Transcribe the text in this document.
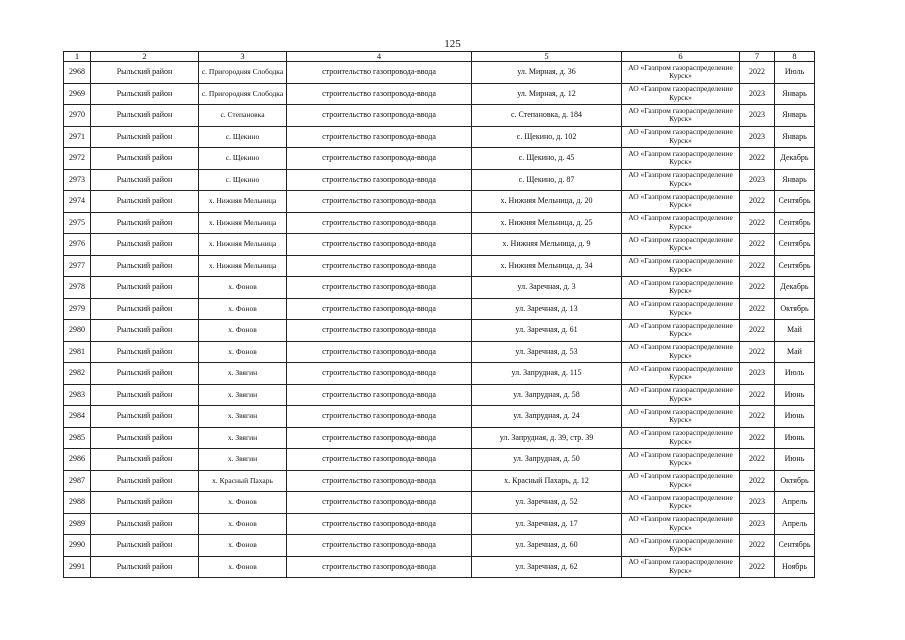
125
1	2	3	4	5	6	7	8
2968	Рыльский район	с. Пригородняя Слободка	строительство газопровода-ввода	ул. Мирная, д. 36	АО «Газпром газораспределение Курск»	2022	Июль
2969	Рыльский район	с. Пригородняя Слободка	строительство газопровода-ввода	ул. Мирная, д. 12	АО «Газпром газораспределение Курск»	2023	Январь
2970	Рыльский район	с. Степановка	строительство газопровода-ввода	с. Степановка, д. 184	АО «Газпром газораспределение Курск»	2023	Январь
2971	Рыльский район	с. Щекино	строительство газопровода-ввода	с. Щекино, д. 102	АО «Газпром газораспределение Курск»	2023	Январь
2972	Рыльский район	с. Щекино	строительство газопровода-ввода	с. Щекино, д. 45	АО «Газпром газораспределение Курск»	2022	Декабрь
2973	Рыльский район	с. Щекино	строительство газопровода-ввода	с. Щекино, д. 87	АО «Газпром газораспределение Курск»	2023	Январь
2974	Рыльский район	х. Нижняя Мельница	строительство газопровода-ввода	х. Нижняя Мельница, д. 20	АО «Газпром газораспределение Курск»	2022	Сентябрь
2975	Рыльский район	х. Нижняя Мельница	строительство газопровода-ввода	х. Нижняя Мельница, д. 25	АО «Газпром газораспределение Курск»	2022	Сентябрь
2976	Рыльский район	х. Нижняя Мельница	строительство газопровода-ввода	х. Нижняя Мельница, д. 9	АО «Газпром газораспределение Курск»	2022	Сентябрь
2977	Рыльский район	х. Нижняя Мельница	строительство газопровода-ввода	х. Нижняя Мельница, д. 34	АО «Газпром газораспределение Курск»	2022	Сентябрь
2978	Рыльский район	х. Фонов	строительство газопровода-ввода	ул. Заречная, д. 3	АО «Газпром газораспределение Курск»	2022	Декабрь
2979	Рыльский район	х. Фонов	строительство газопровода-ввода	ул. Заречная, д. 13	АО «Газпром газораспределение Курск»	2022	Октябрь
2980	Рыльский район	х. Фонов	строительство газопровода-ввода	ул. Заречная, д. 61	АО «Газпром газораспределение Курск»	2022	Май
2981	Рыльский район	х. Фонов	строительство газопровода-ввода	ул. Заречная, д. 53	АО «Газпром газораспределение Курск»	2022	Май
2982	Рыльский район	х. Звягин	строительство газопровода-ввода	ул. Запрудная, д. 115	АО «Газпром газораспределение Курск»	2023	Июль
2983	Рыльский район	х. Звягин	строительство газопровода-ввода	ул. Запрудная, д. 58	АО «Газпром газораспределение Курск»	2022	Июнь
2984	Рыльский район	х. Звягин	строительство газопровода-ввода	ул. Запрудная, д. 24	АО «Газпром газораспределение Курск»	2022	Июнь
2985	Рыльский район	х. Звягин	строительство газопровода-ввода	ул. Запрудная, д. 39, стр. 39	АО «Газпром газораспределение Курск»	2022	Июнь
2986	Рыльский район	х. Звягин	строительство газопровода-ввода	ул. Запрудная, д. 50	АО «Газпром газораспределение Курск»	2022	Июнь
2987	Рыльский район	х. Красный Пахарь	строительство газопровода-ввода	х. Красный Пахарь, д. 12	АО «Газпром газораспределение Курск»	2022	Октябрь
2988	Рыльский район	х. Фонов	строительство газопровода-ввода	ул. Заречная, д. 52	АО «Газпром газораспределение Курск»	2023	Апрель
2989	Рыльский район	х. Фонов	строительство газопровода-ввода	ул. Заречная, д. 17	АО «Газпром газораспределение Курск»	2023	Апрель
2990	Рыльский район	х. Фонов	строительство газопровода-ввода	ул. Заречная, д. 60	АО «Газпром газораспределение Курск»	2022	Сентябрь
2991	Рыльский район	х. Фонов	строительство газопровода-ввода	ул. Заречная, д. 62	АО «Газпром газораспределение Курск»	2022	Ноябрь
